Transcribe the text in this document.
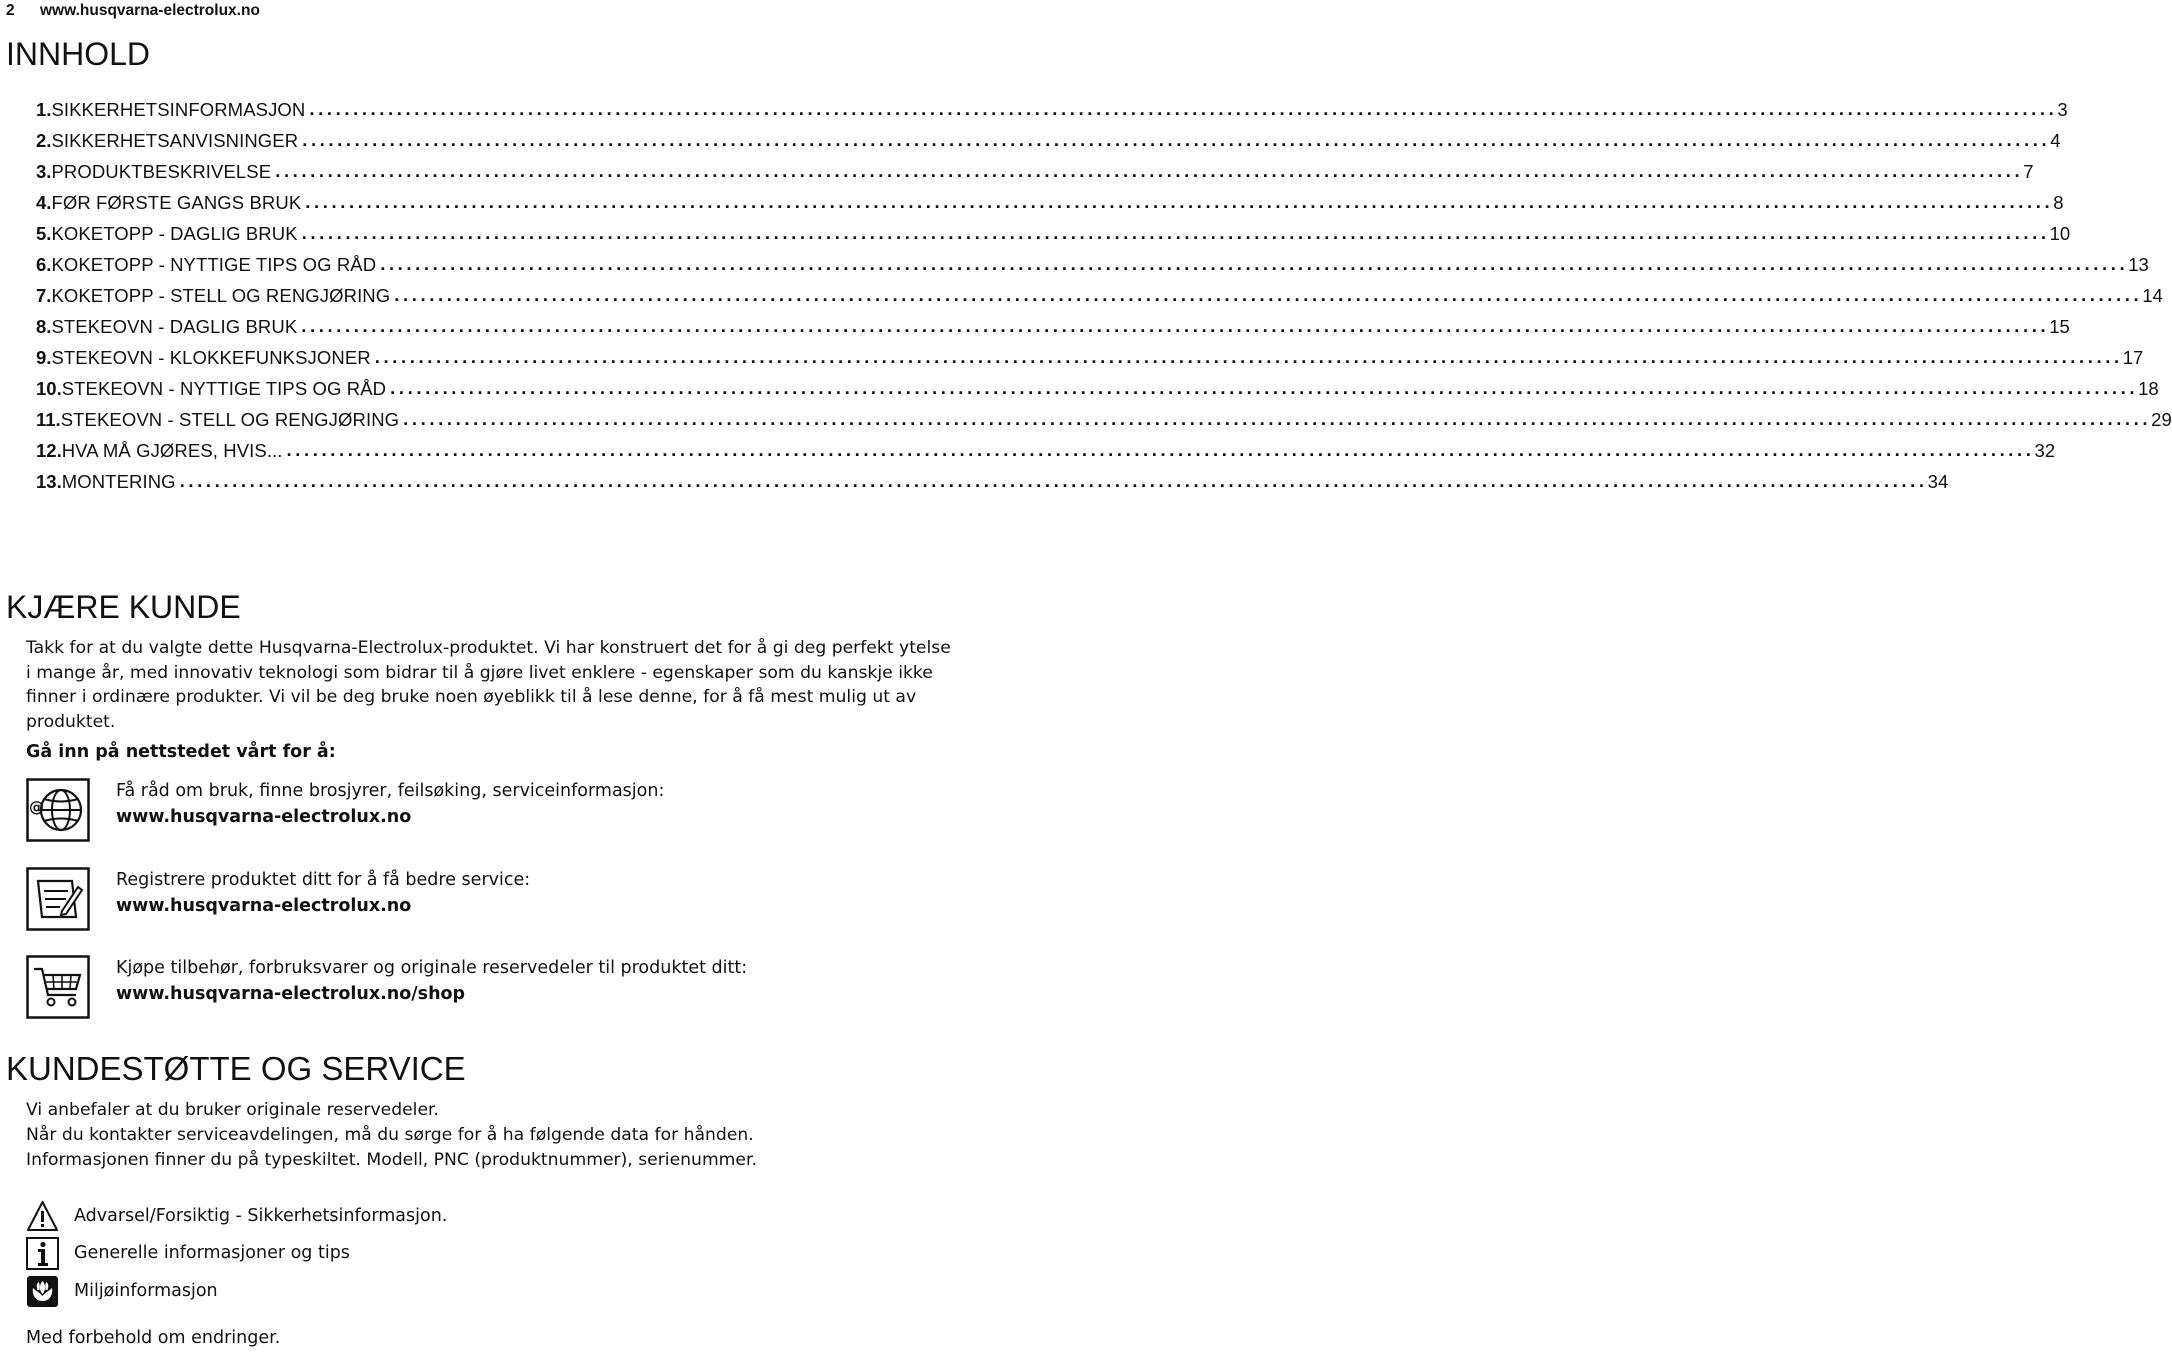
2	www.husqvarna-electrolux.no
INNHOLD
1. SIKKERHETSINFORMASJON ........................................................................................................................................................................................................ 3
2. SIKKERHETSANVISNINGER ........................................................................................................................................................................................................ 4
3. PRODUKTBESKRIVELSE ........................................................................................................................................................................................................ 7
4. FØR FØRSTE GANGS BRUK ........................................................................................................................................................................................................ 8
5. KOKETOPP - DAGLIG BRUK ........................................................................................................................................................................................................ 10
6. KOKETOPP - NYTTIGE TIPS OG RÅD ........................................................................................................................................................................................................ 13
7. KOKETOPP - STELL OG RENGJØRING ........................................................................................................................................................................................................ 14
8. STEKEOVN - DAGLIG BRUK ........................................................................................................................................................................................................ 15
9. STEKEOVN - KLOKKEFUNKSJONER ........................................................................................................................................................................................................ 17
10. STEKEOVN - NYTTIGE TIPS OG RÅD ........................................................................................................................................................................................................ 18
11. STEKEOVN - STELL OG RENGJØRING ........................................................................................................................................................................................................ 29
12. HVA MÅ GJØRES, HVIS... ........................................................................................................................................................................................................ 32
13. MONTERING ........................................................................................................................................................................................................ 34
KJÆRE KUNDE

Takk for at du valgte dette Husqvarna-Electrolux-produktet. Vi har konstruert det for å gi deg perfekt ytelse i mange år, med innovativ teknologi som bidrar til å gjøre livet enklere - egenskaper som du kanskje ikke finner i ordinære produkter. Vi vil be deg bruke noen øyeblikk til å lese denne, for å få mest mulig ut av produktet.

Gå inn på nettstedet vårt for å:
@
Få råd om bruk, finne brosjyrer, feilsøking, serviceinformasjon:
www.husqvarna-electrolux.no
Registrere produktet ditt for å få bedre service:
www.husqvarna-electrolux.no
Kjøpe tilbehør, forbruksvarer og originale reservedeler til produktet ditt:
www.husqvarna-electrolux.no/shop
KUNDESTØTTE OG SERVICE
Vi anbefaler at du bruker originale reservedeler.
Når du kontakter serviceavdelingen, må du sørge for å ha følgende data for hånden.
Informasjonen finner du på typeskiltet. Modell, PNC (produktnummer), serienummer.
Advarsel/Forsiktig - Sikkerhetsinformasjon.
Generelle informasjoner og tips
Miljøinformasjon
Med forbehold om endringer.
